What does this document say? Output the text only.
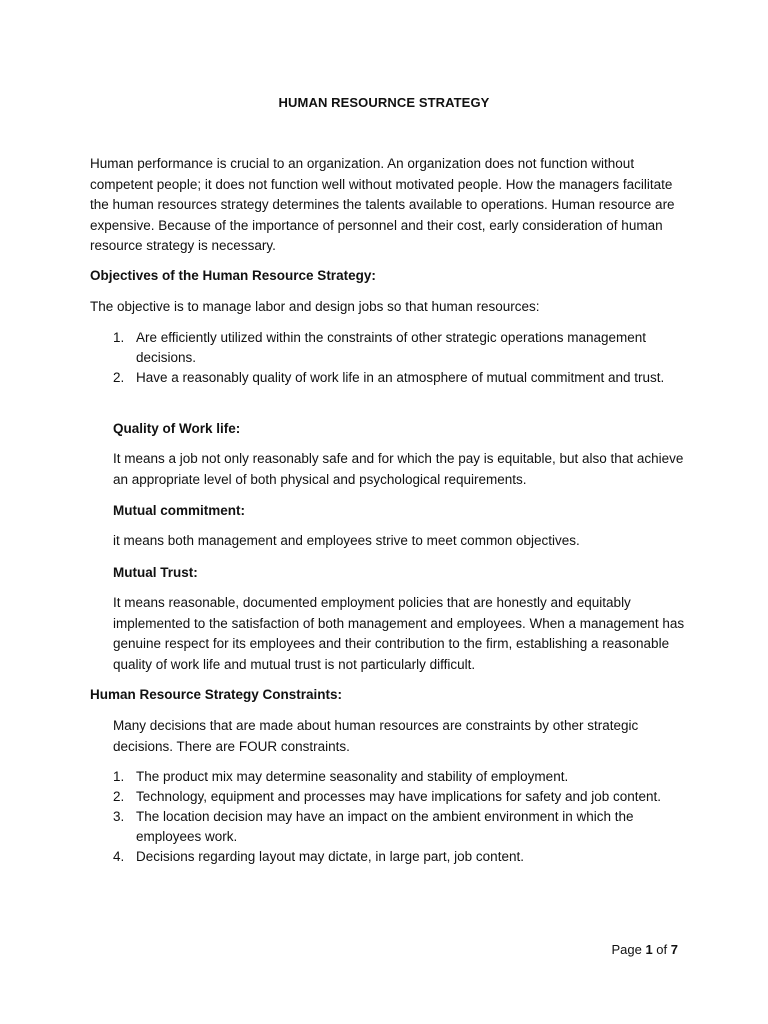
HUMAN RESOURNCE STRATEGY

Human performance is crucial to an organization. An organization does not function without competent people; it does not function well without motivated people. How the managers facilitate the human resources strategy determines the talents available to operations. Human resource are expensive. Because of the importance of personnel and their cost, early consideration of human resource strategy is necessary.

Objectives of the Human Resource Strategy:

The objective is to manage labor and design jobs so that human resources:

1. Are efficiently utilized within the constraints of other strategic operations management decisions.
2. Have a reasonably quality of work life in an atmosphere of mutual commitment and trust.

Quality of Work life:

It means a job not only reasonably safe and for which the pay is equitable, but also that achieve an appropriate level of both physical and psychological requirements.

Mutual commitment:

it means both management and employees strive to meet common objectives.

Mutual Trust:

It means reasonable, documented employment policies that are honestly and equitably implemented to the satisfaction of both management and employees. When a management has genuine respect for its employees and their contribution to the firm, establishing a reasonable quality of work life and mutual trust is not particularly difficult.

Human Resource Strategy Constraints:

Many decisions that are made about human resources are constraints by other strategic decisions. There are FOUR constraints.

1. The product mix may determine seasonality and stability of employment.
2. Technology, equipment and processes may have implications for safety and job content.
3. The location decision may have an impact on the ambient environment in which the employees work.
4. Decisions regarding layout may dictate, in large part, job content.
Page 1 of 7
